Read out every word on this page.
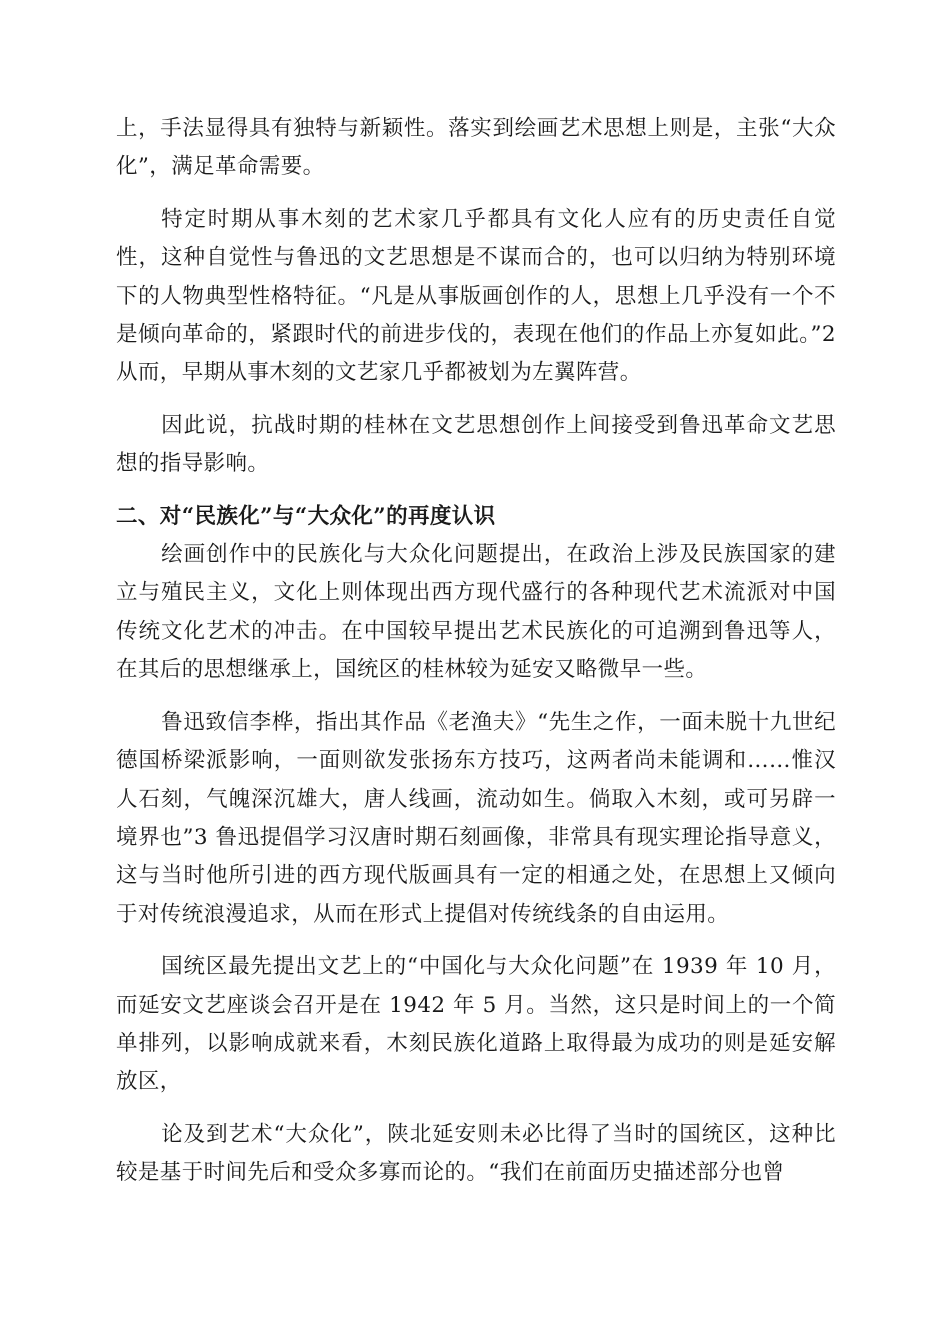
上，手法显得具有独特与新颖性。落实到绘画艺术思想上则是，主张“大众化”，满足革命需要。

特定时期从事木刻的艺术家几乎都具有文化人应有的历史责任自觉性，这种自觉性与鲁迅的文艺思想是不谋而合的，也可以归纳为特别环境下的人物典型性格特征。“凡是从事版画创作的人，思想上几乎没有一个不是倾向革命的，紧跟时代的前进步伐的，表现在他们的作品上亦复如此。”2 从而，早期从事木刻的文艺家几乎都被划为左翼阵营。

因此说，抗战时期的桂林在文艺思想创作上间接受到鲁迅革命文艺思想的指导影响。

二、对“民族化”与“大众化”的再度认识

绘画创作中的民族化与大众化问题提出，在政治上涉及民族国家的建立与殖民主义，文化上则体现出西方现代盛行的各种现代艺术流派对中国传统文化艺术的冲击。在中国较早提出艺术民族化的可追溯到鲁迅等人，在其后的思想继承上，国统区的桂林较为延安又略微早一些。

鲁迅致信李桦，指出其作品《老渔夫》“先生之作，一面未脱十九世纪德国桥梁派影响，一面则欲发张扬东方技巧，这两者尚未能调和……惟汉人石刻，气魄深沉雄大，唐人线画，流动如生。倘取入木刻，或可另辟一境界也”3 鲁迅提倡学习汉唐时期石刻画像，非常具有现实理论指导意义，这与当时他所引进的西方现代版画具有一定的相通之处，在思想上又倾向于对传统浪漫追求，从而在形式上提倡对传统线条的自由运用。

国统区最先提出文艺上的“中国化与大众化问题”在 1939 年 10 月，而延安文艺座谈会召开是在 1942 年 5 月。当然，这只是时间上的一个简单排列，以影响成就来看，木刻民族化道路上取得最为成功的则是延安解放区，

论及到艺术“大众化”，陕北延安则未必比得了当时的国统区，这种比较是基于时间先后和受众多寡而论的。“我们在前面历史描述部分也曾
